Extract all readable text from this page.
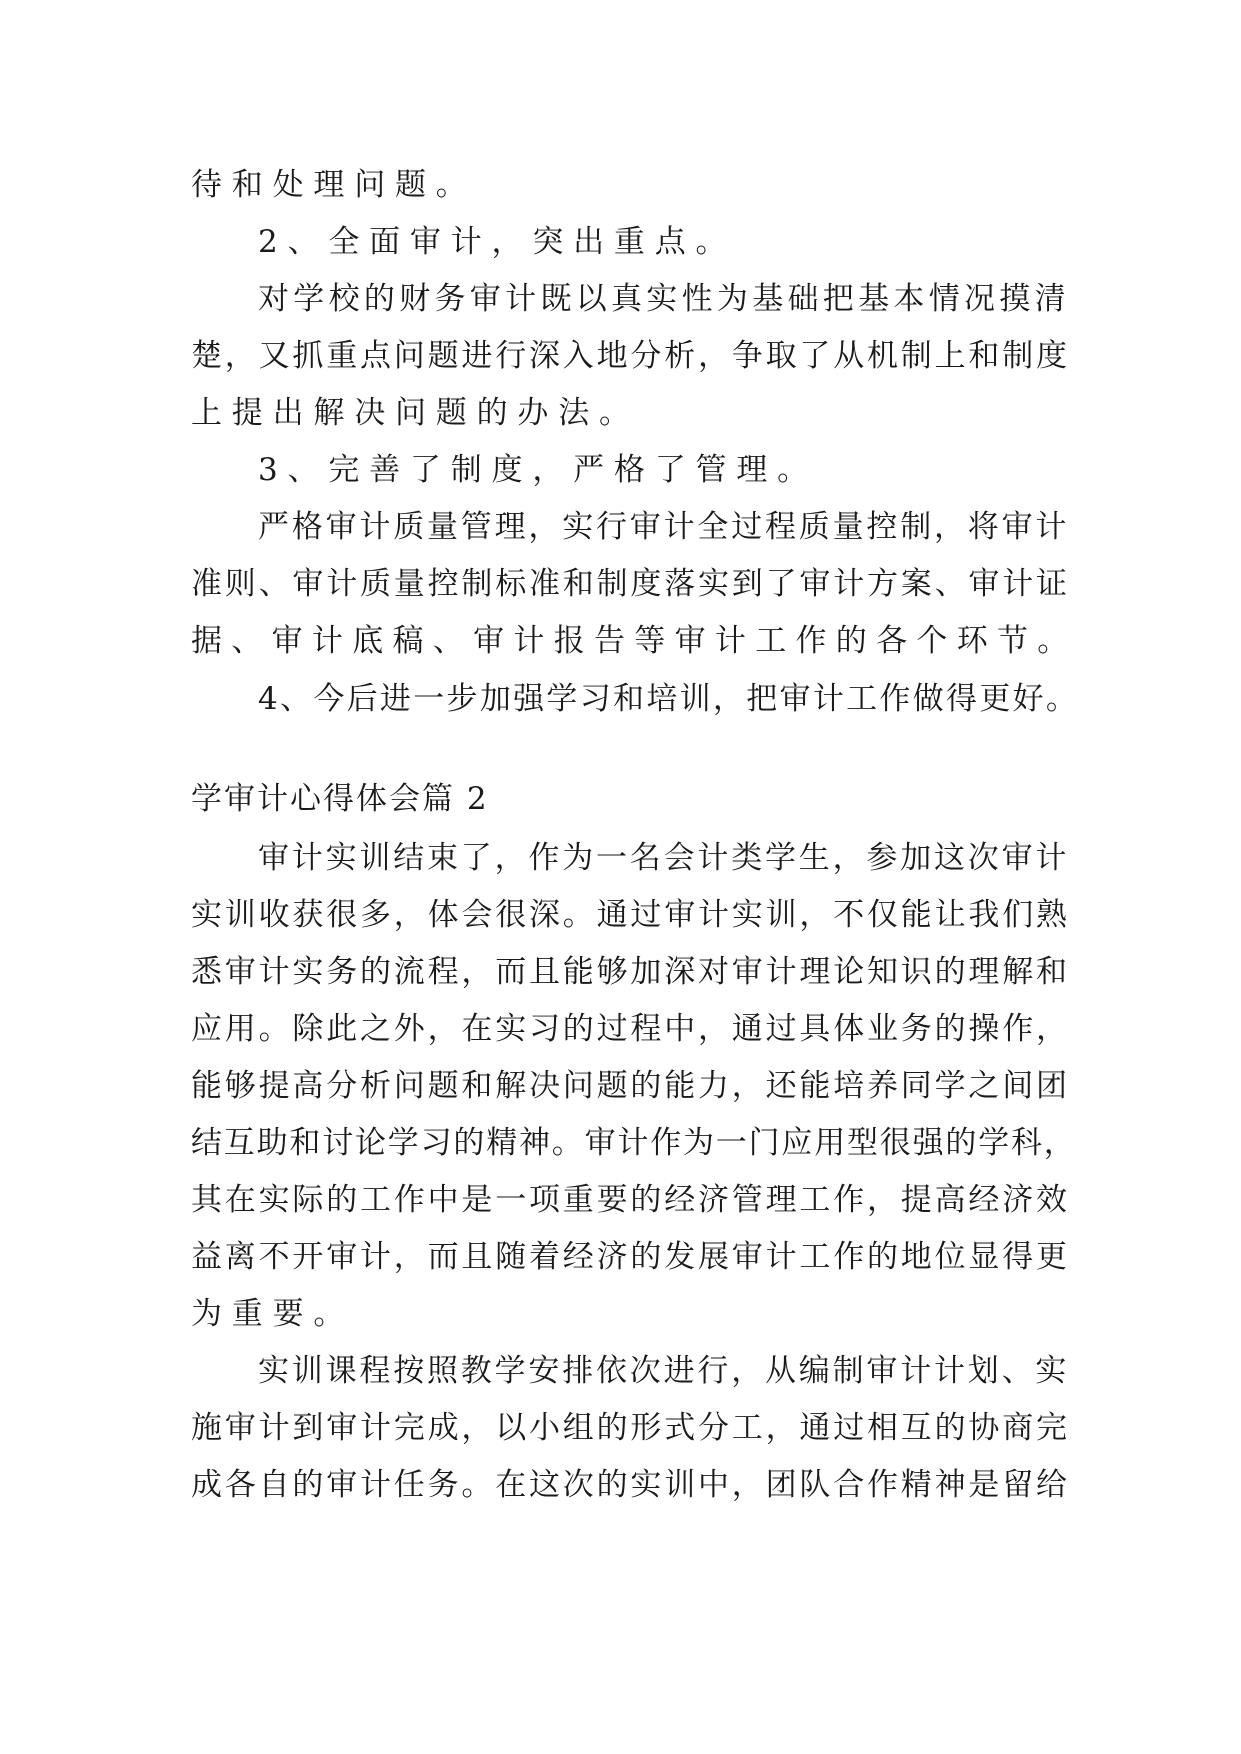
待和处理问题。
2、全面审计，突出重点。
对学校的财务审计既以真实性为基础把基本情况摸清
楚，又抓重点问题进行深入地分析，争取了从机制上和制度
上提出解决问题的办法。
3、完善了制度，严格了管理。
严格审计质量管理，实行审计全过程质量控制，将审计
准则、审计质量控制标准和制度落实到了审计方案、审计证
据、审计底稿、审计报告等审计工作的各个环节。
4、今后进一步加强学习和培训，把审计工作做得更好。
学审计心得体会篇 2
审计实训结束了，作为一名会计类学生，参加这次审计
实训收获很多，体会很深。通过审计实训，不仅能让我们熟
悉审计实务的流程，而且能够加深对审计理论知识的理解和
应用。除此之外，在实习的过程中，通过具体业务的操作，
能够提高分析问题和解决问题的能力，还能培养同学之间团
结互助和讨论学习的精神。审计作为一门应用型很强的学科，
其在实际的工作中是一项重要的经济管理工作，提高经济效
益离不开审计，而且随着经济的发展审计工作的地位显得更
为重要。
实训课程按照教学安排依次进行，从编制审计计划、实
施审计到审计完成，以小组的形式分工，通过相互的协商完
成各自的审计任务。在这次的实训中，团队合作精神是留给
